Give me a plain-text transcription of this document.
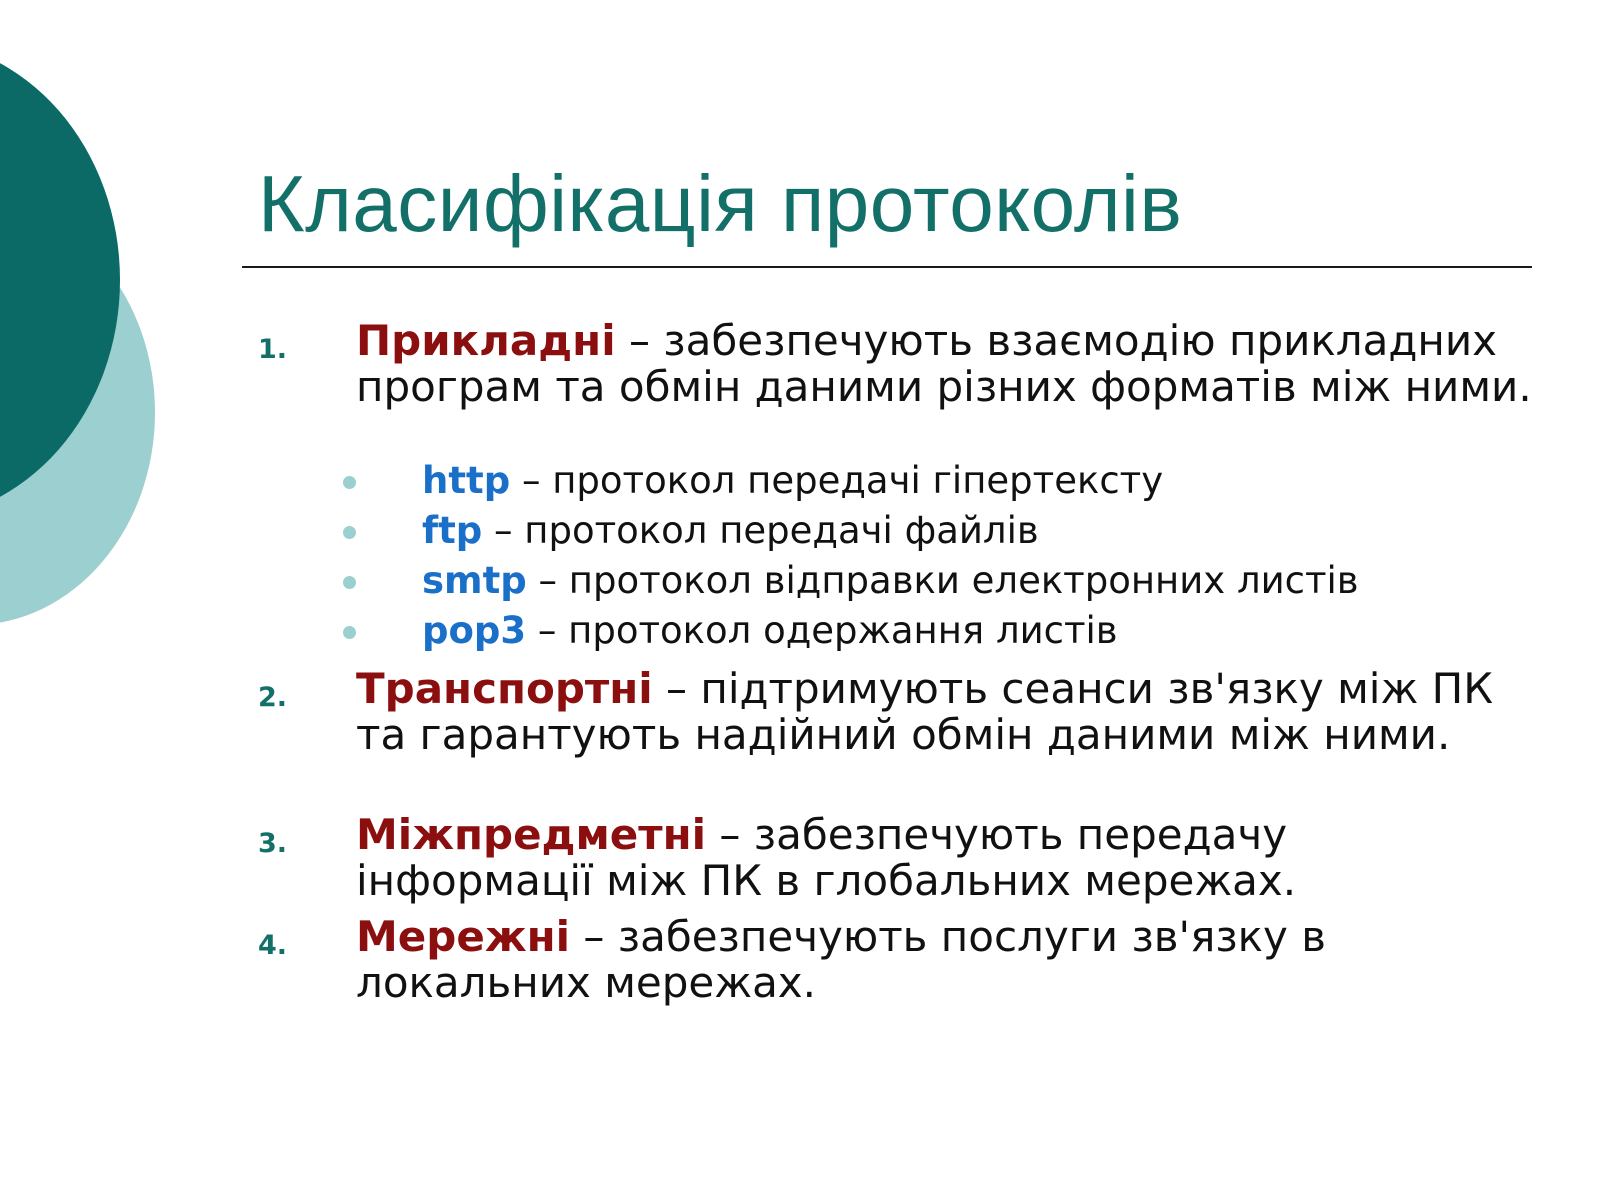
Класифікація протоколів
1. Прикладні – забезпечують взаємодію прикладних програм та обмін даними різних форматів між ними.
http – протокол передачі гіпертексту
ftp – протокол передачі файлів
smtp – протокол відправки електронних листів
pop3 – протокол одержання листів
2. Транспортні – підтримують сеанси зв'язку між ПК та гарантують надійний обмін даними між ними.
3. Міжпредметні – забезпечують передачу інформації між ПК в глобальних мережах.
4. Мережні – забезпечують послуги зв'язку в локальних мережах.
